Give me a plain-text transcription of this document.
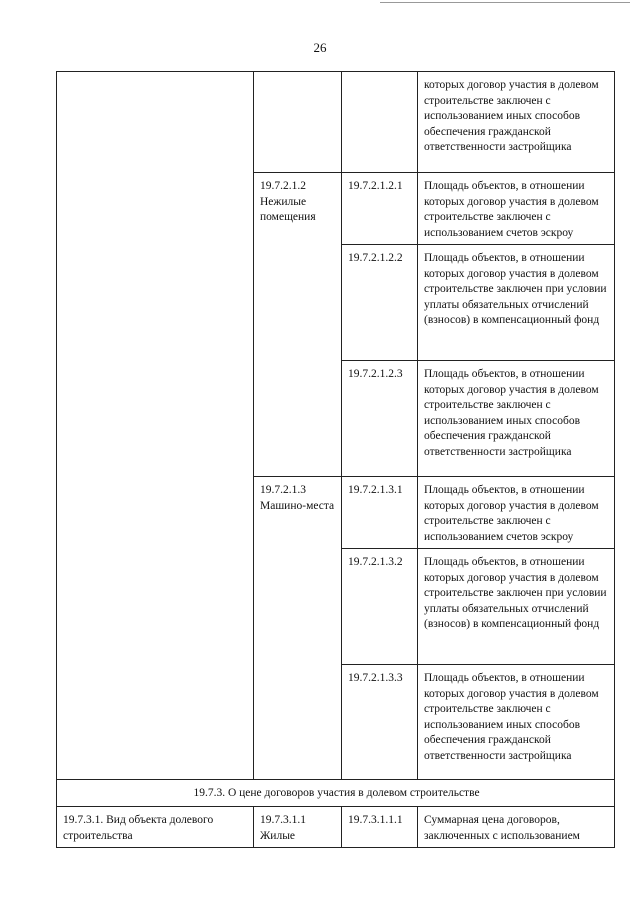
26
			которых договор участия в долевом строительстве заключен с использованием иных способов обеспечения гражданской ответственности застройщика
	19.7.2.1.2 Нежилые помещения	19.7.2.1.2.1	Площадь объектов, в отношении которых договор участия в долевом строительстве заключен с использованием счетов эскроу
		19.7.2.1.2.2	Площадь объектов, в отношении которых договор участия в долевом строительстве заключен при условии уплаты обязательных отчислений (взносов) в компенсационный фонд
		19.7.2.1.2.3	Площадь объектов, в отношении которых договор участия в долевом строительстве заключен с использованием иных способов обеспечения гражданской ответственности застройщика
	19.7.2.1.3 Машино-места	19.7.2.1.3.1	Площадь объектов, в отношении которых договор участия в долевом строительстве заключен с использованием счетов эскроу
		19.7.2.1.3.2	Площадь объектов, в отношении которых договор участия в долевом строительстве заключен при условии уплаты обязательных отчислений (взносов) в компенсационный фонд
		19.7.2.1.3.3	Площадь объектов, в отношении которых договор участия в долевом строительстве заключен с использованием иных способов обеспечения гражданской ответственности застройщика
19.7.3. О цене договоров участия в долевом строительстве			
19.7.3.1. Вид объекта долевого строительства	19.7.3.1.1 Жилые	19.7.3.1.1.1	Суммарная цена договоров, заключенных с использованием
